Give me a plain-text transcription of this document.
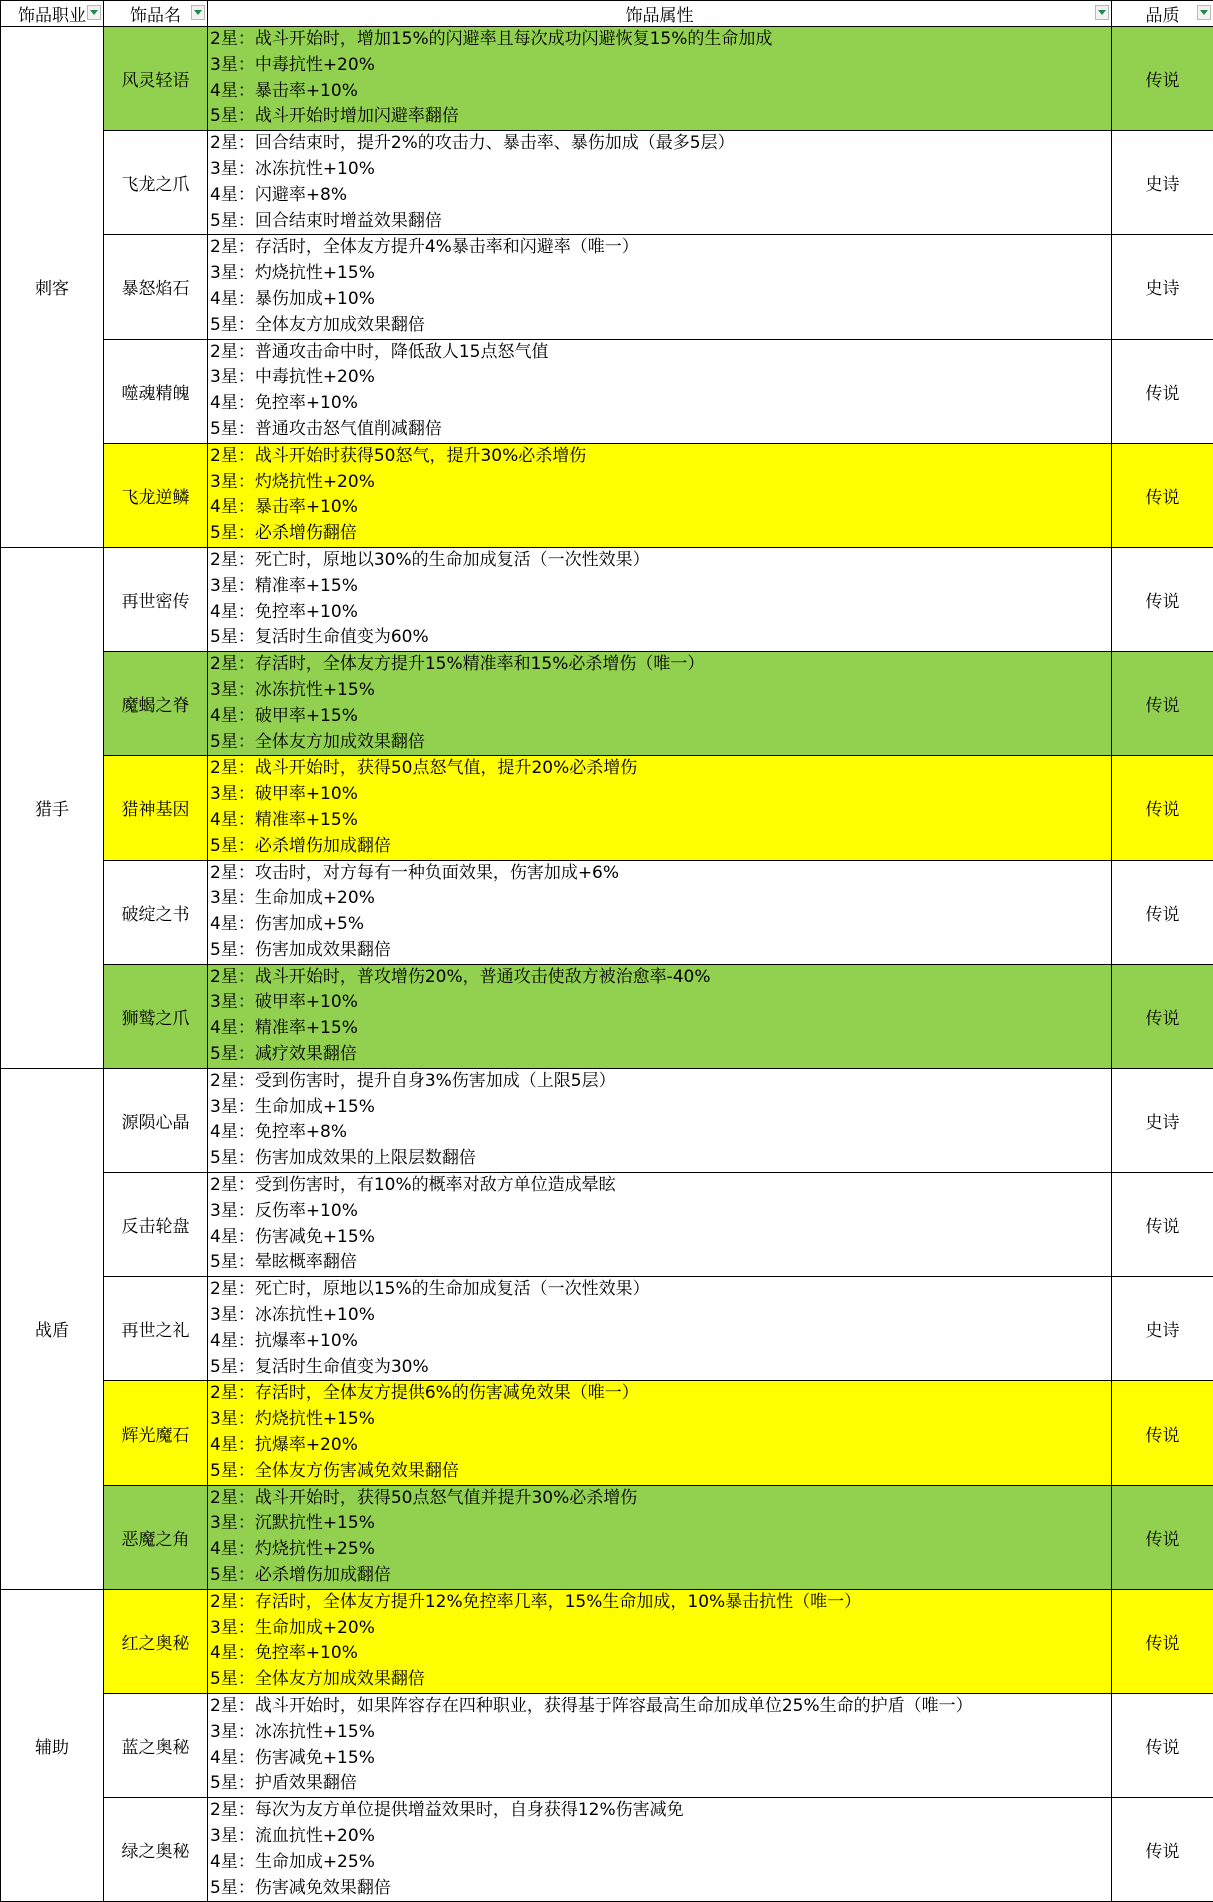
饰品职业	饰品名	饰品属性	品质

刺客	风灵轻语	2星：战斗开始时，增加15%的闪避率且每次成功闪避恢复15%的生命加成
3星：中毒抗性+20%
4星：暴击率+10%
5星：战斗开始时增加闪避率翻倍	传说
	飞龙之爪	2星：回合结束时，提升2%的攻击力、暴击率、暴伤加成（最多5层）
3星：冰冻抗性+10%
4星：闪避率+8%
5星：回合结束时增益效果翻倍	史诗
	暴怒焰石	2星：存活时，全体友方提升4%暴击率和闪避率（唯一）
3星：灼烧抗性+15%
4星：暴伤加成+10%
5星：全体友方加成效果翻倍	史诗
	噬魂精魄	2星：普通攻击命中时，降低敌人15点怒气值
3星：中毒抗性+20%
4星：免控率+10%
5星：普通攻击怒气值削减翻倍	传说
	飞龙逆鳞	2星：战斗开始时获得50怒气，提升30%必杀增伤
3星：灼烧抗性+20%
4星：暴击率+10%
5星：必杀增伤翻倍	传说
猎手	再世密传	2星：死亡时，原地以30%的生命加成复活（一次性效果）
3星：精准率+15%
4星：免控率+10%
5星：复活时生命值变为60%	传说
	魔蝎之脊	2星：存活时，全体友方提升15%精准率和15%必杀增伤（唯一）
3星：冰冻抗性+15%
4星：破甲率+15%
5星：全体友方加成效果翻倍	传说
	猎神基因	2星：战斗开始时，获得50点怒气值，提升20%必杀增伤
3星：破甲率+10%
4星：精准率+15%
5星：必杀增伤加成翻倍	传说
	破绽之书	2星：攻击时，对方每有一种负面效果，伤害加成+6%
3星：生命加成+20%
4星：伤害加成+5%
5星：伤害加成效果翻倍	传说
	狮鹫之爪	2星：战斗开始时，普攻增伤20%，普通攻击使敌方被治愈率-40%
3星：破甲率+10%
4星：精准率+15%
5星：减疗效果翻倍	传说
战盾	源陨心晶	2星：受到伤害时，提升自身3%伤害加成（上限5层）
3星：生命加成+15%
4星：免控率+8%
5星：伤害加成效果的上限层数翻倍	史诗
	反击轮盘	2星：受到伤害时，有10%的概率对敌方单位造成晕眩
3星：反伤率+10%
4星：伤害减免+15%
5星：晕眩概率翻倍	传说
	再世之礼	2星：死亡时，原地以15%的生命加成复活（一次性效果）
3星：冰冻抗性+10%
4星：抗爆率+10%
5星：复活时生命值变为30%	史诗
	辉光魔石	2星：存活时，全体友方提供6%的伤害减免效果（唯一）
3星：灼烧抗性+15%
4星：抗爆率+20%
5星：全体友方伤害减免效果翻倍	传说
	恶魔之角	2星：战斗开始时，获得50点怒气值并提升30%必杀增伤
3星：沉默抗性+15%
4星：灼烧抗性+25%
5星：必杀增伤加成翻倍	传说
辅助	红之奥秘	2星：存活时，全体友方提升12%免控率几率，15%生命加成，10%暴击抗性（唯一）
3星：生命加成+20%
4星：免控率+10%
5星：全体友方加成效果翻倍	传说
	蓝之奥秘	2星：战斗开始时，如果阵容存在四种职业，获得基于阵容最高生命加成单位25%生命的护盾（唯一）
3星：冰冻抗性+15%
4星：伤害减免+15%
5星：护盾效果翻倍	传说
	绿之奥秘	2星：每次为友方单位提供增益效果时，自身获得12%伤害减免
3星：流血抗性+20%
4星：生命加成+25%
5星：伤害减免效果翻倍	传说
